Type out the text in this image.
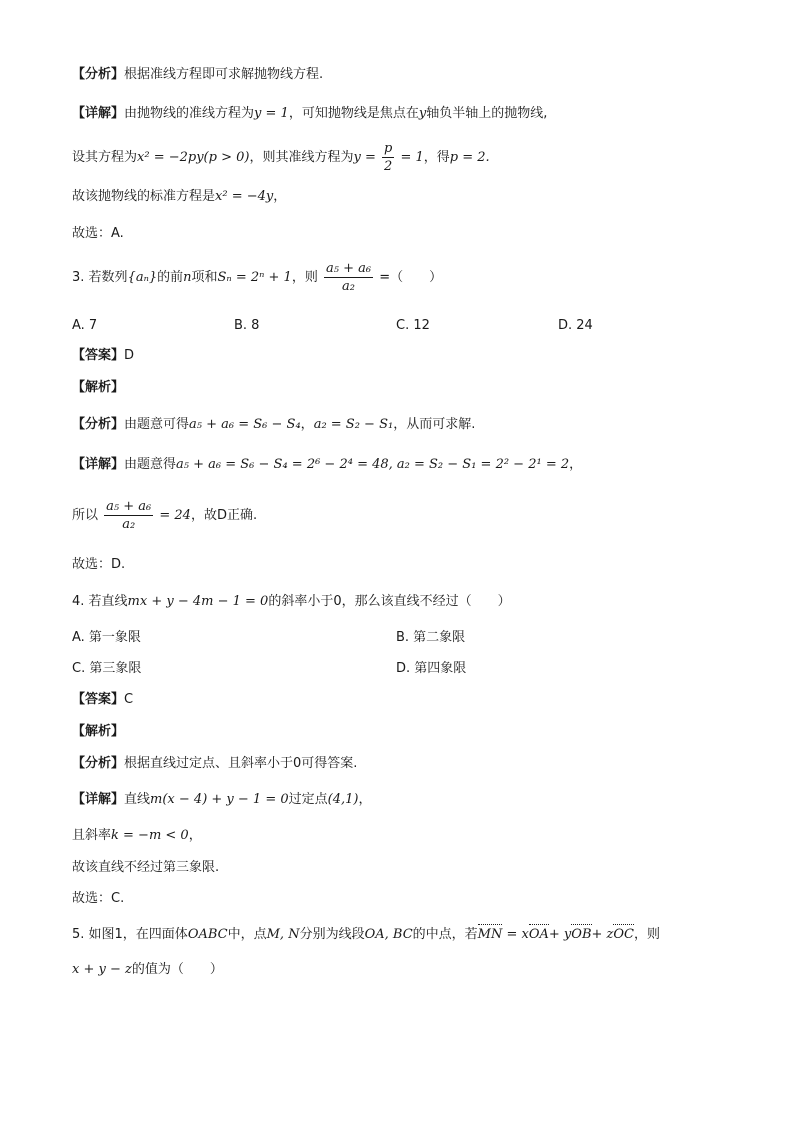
【分析】根据准线方程即可求解抛物线方程.
【详解】由抛物线的准线方程为y = 1，可知抛物线是焦点在y轴负半轴上的抛物线,
设其方程为x² = −2py(p > 0)，则其准线方程为$y = \frac{p}{2} = 1$，得p = 2.
故该抛物线的标准方程是x² = −4y，
故选：A.
3. 若数列{aₙ}的前n项和Sₙ = 2ⁿ + 1，则 $\frac{\text{a₅ + a₆}}{\text{a₂}}$ =（　　）
A. 7	B. 8	C. 12	D. 24
【答案】D
【解析】
【分析】由题意可得a₅ + a₆ = S₆ − S₄，a₂ = S₂ − S₁，从而可求解.
【详解】由题意得a₅ + a₆ = S₆ − S₄ = 2⁶ − 2⁴ = 48, a₂ = S₂ − S₁ = 2² − 2¹ = 2，
所以 $\frac{\text{a₅ + a₆}}{\text{a₂}} = 24$，故D正确.
故选：D.
4. 若直线mx + y − 4m − 1 = 0的斜率小于0，那么该直线不经过（　　）
A. 第一象限	B. 第二象限
C. 第三象限	D. 第四象限
【答案】C
【解析】
【分析】根据直线过定点、且斜率小于0可得答案.
【详解】直线m(x − 4) + y − 1 = 0过定点(4,1)，
且斜率k = −m < 0，
故该直线不经过第三象限.
故选：C.
5. 如图1，在四面体OABC中，点M, N分别为线段OA, BC的中点，若MN = xOA+ yOB+ zOC，则
x + y − z的值为（　　）
